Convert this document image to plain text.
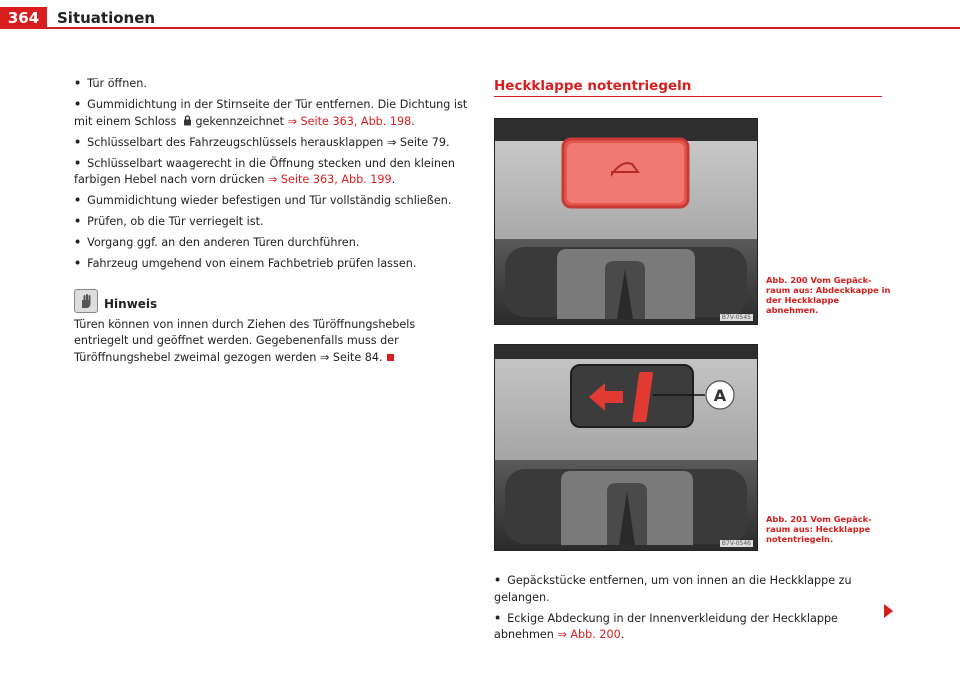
364	Situationen
• Tür öffnen.
• Gummidichtung in der Stirnseite der Tür entfernen. Die Dichtung ist mit einem Schloss  gekennzeichnet ⇒ Seite 363, Abb. 198.
• Schlüsselbart des Fahrzeugschlüssels herausklappen ⇒ Seite 79.
• Schlüsselbart waagerecht in die Öffnung stecken und den kleinen farbigen Hebel nach vorn drücken ⇒ Seite 363, Abb. 199.
• Gummidichtung wieder befestigen und Tür vollständig schließen.
• Prüfen, ob die Tür verriegelt ist.
• Vorgang ggf. an den anderen Türen durchführen.
• Fahrzeug umgehend von einem Fachbetrieb prüfen lassen.
Hinweis
Türen können von innen durch Ziehen des Türöffnungshebels entriegelt und geöffnet werden. Gegebenenfalls muss der Türöffnungshebel zweimal gezogen werden ⇒ Seite 84.
Heckklappe notentriegeln
B7V-0545
Abb. 200 Vom Gepäck-raum aus: Abdeckkappe in der Heckklappe abnehmen.
A
B7V-0546
Abb. 201 Vom Gepäck-raum aus: Heckklappe notentriegeln.
• Gepäckstücke entfernen, um von innen an die Heckklappe zu gelangen.
• Eckige Abdeckung in der Innenverkleidung der Heckklappe abnehmen ⇒ Abb. 200.
